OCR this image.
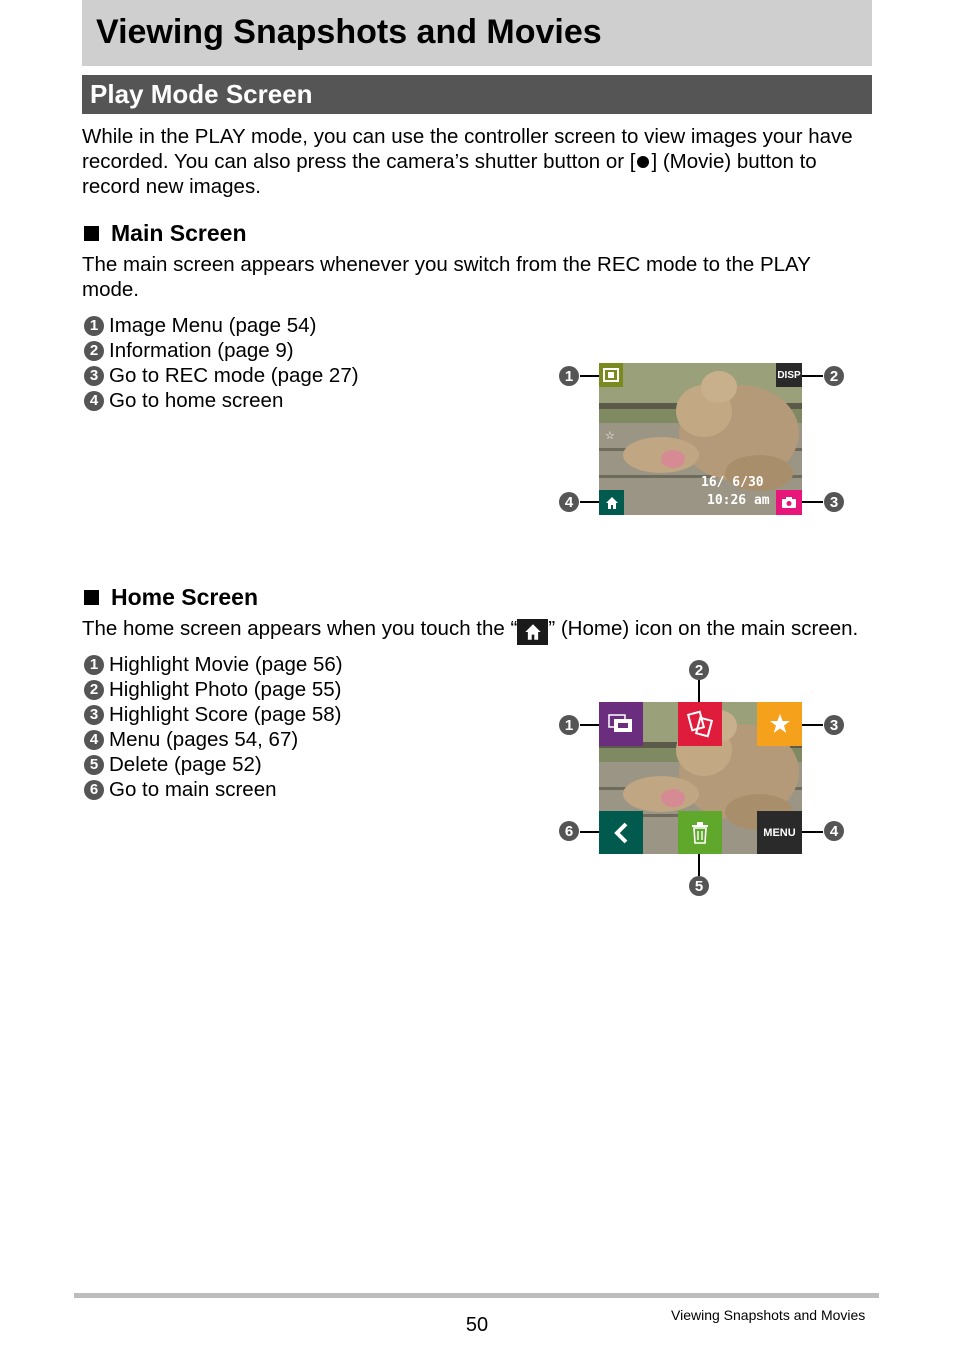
Viewing Snapshots and Movies
Play Mode Screen
While in the PLAY mode, you can use the controller screen to view images your have recorded. You can also press the camera’s shutter button or [ ] (Movie) button to record new images.
Main Screen
The main screen appears whenever you switch from the REC mode to the PLAY mode.
1 Image Menu (page 54)
2 Information (page 9)
3 Go to REC mode (page 27)
4 Go to home screen
DISP
☆
16/ 6/30
10:26 am
1	2
3
4
Home Screen
The home screen appears when you touch the “ ” (Home) icon on the main screen.
1 Highlight Movie (page 56)
2 Highlight Photo (page 55)
3 Highlight Score (page 58)
4 Menu (pages 54, 67)
5 Delete (page 52)
6 Go to main screen
MENU
1
2
3
4
5
6
50	Viewing Snapshots and Movies
